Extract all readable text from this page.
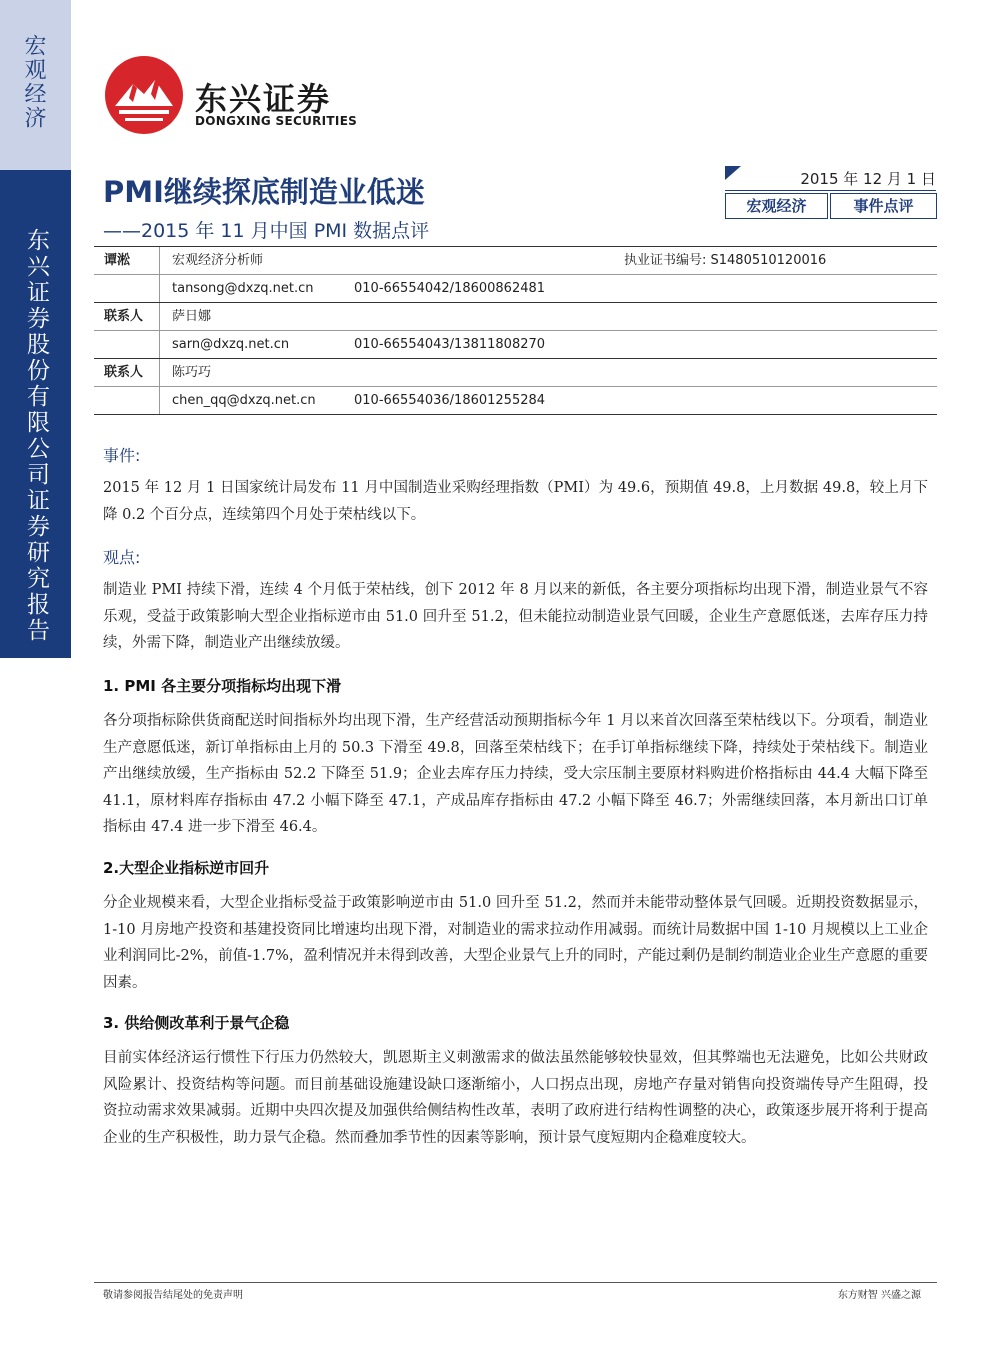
宏观经济
东兴证券股份有限公司证券研究报告
东兴证券
DONGXING SECURITIES
PMI继续探底制造业低迷
——2015 年 11 月中国 PMI 数据点评
2015 年 12 月 1 日
宏观经济	事件点评
谭淞	宏观经济分析师	执业证书编号: S1480510120016
tansong@dxzq.net.cn	010-66554042/18600862481
联系人	萨日娜
sarn@dxzq.net.cn	010-66554043/13811808270
联系人	陈巧巧
chen_qq@dxzq.net.cn	010-66554036/18601255284
事件:
2015 年 12 月 1 日国家统计局发布 11 月中国制造业采购经理指数（PMI）为 49.6，预期值 49.8，上月数据 49.8，较上月下降 0.2 个百分点，连续第四个月处于荣枯线以下。
观点:
制造业 PMI 持续下滑，连续 4 个月低于荣枯线，创下 2012 年 8 月以来的新低，各主要分项指标均出现下滑，制造业景气不容乐观，受益于政策影响大型企业指标逆市由 51.0 回升至 51.2，但未能拉动制造业景气回暖，企业生产意愿低迷，去库存压力持续，外需下降，制造业产出继续放缓。
1. PMI 各主要分项指标均出现下滑
各分项指标除供货商配送时间指标外均出现下滑，生产经营活动预期指标今年 1 月以来首次回落至荣枯线以下。分项看，制造业生产意愿低迷，新订单指标由上月的 50.3 下滑至 49.8，回落至荣枯线下；在手订单指标继续下降，持续处于荣枯线下。制造业产出继续放缓，生产指标由 52.2 下降至 51.9；企业去库存压力持续，受大宗压制主要原材料购进价格指标由 44.4 大幅下降至 41.1，原材料库存指标由 47.2 小幅下降至 47.1，产成品库存指标由 47.2 小幅下降至 46.7；外需继续回落，本月新出口订单指标由 47.4 进一步下滑至 46.4。
2.大型企业指标逆市回升
分企业规模来看，大型企业指标受益于政策影响逆市由 51.0 回升至 51.2，然而并未能带动整体景气回暖。近期投资数据显示，1-10 月房地产投资和基建投资同比增速均出现下滑，对制造业的需求拉动作用减弱。而统计局数据中国 1-10 月规模以上工业企业利润同比-2%，前值-1.7%，盈利情况并未得到改善，大型企业景气上升的同时，产能过剩仍是制约制造业企业生产意愿的重要因素。
3. 供给侧改革利于景气企稳
目前实体经济运行惯性下行压力仍然较大，凯恩斯主义刺激需求的做法虽然能够较快显效，但其弊端也无法避免，比如公共财政风险累计、投资结构等问题。而目前基础设施建设缺口逐渐缩小，人口拐点出现，房地产存量对销售向投资端传导产生阻碍，投资拉动需求效果减弱。近期中央四次提及加强供给侧结构性改革，表明了政府进行结构性调整的决心，政策逐步展开将利于提高企业的生产积极性，助力景气企稳。然而叠加季节性的因素等影响，预计景气度短期内企稳难度较大。
敬请参阅报告结尾处的免责声明	东方财智 兴盛之源
